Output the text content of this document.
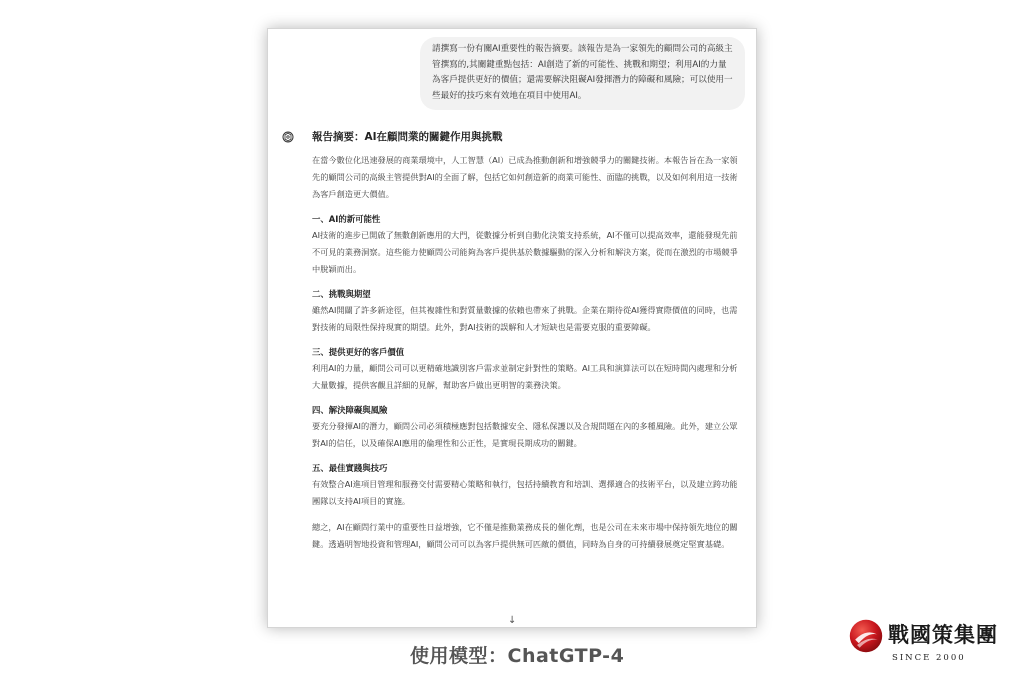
請撰寫一份有關AI重要性的報告摘要。該報告是為一家領先的顧問公司的高級主管撰寫的,其關鍵重點包括：AI創造了新的可能性、挑戰和期望；利用AI的力量為客戶提供更好的價值；還需要解決阻礙AI發揮潛力的障礙和風險；可以使用一些最好的技巧來有效地在項目中使用AI。
報告摘要：AI在顧問業的關鍵作用與挑戰
在當今數位化迅速發展的商業環境中，人工智慧（AI）已成為推動創新和增強競爭力的關鍵技術。本報告旨在為一家領先的顧問公司的高級主管提供對AI的全面了解，包括它如何創造新的商業可能性、面臨的挑戰，以及如何利用這一技術為客戶創造更大價值。
一、AI的新可能性
AI技術的進步已開啟了無數創新應用的大門，從數據分析到自動化決策支持系統，AI不僅可以提高效率，還能發現先前不可見的業務洞察。這些能力使顧問公司能夠為客戶提供基於數據驅動的深入分析和解決方案，從而在激烈的市場競爭中脫穎而出。
二、挑戰與期望
雖然AI開闢了許多新途徑，但其複雜性和對質量數據的依賴也帶來了挑戰。企業在期待從AI獲得實際價值的同時，也需對技術的局限性保持現實的期望。此外，對AI技術的誤解和人才短缺也是需要克服的重要障礙。
三、提供更好的客戶價值
利用AI的力量，顧問公司可以更精確地識別客戶需求並制定針對性的策略。AI工具和演算法可以在短時間內處理和分析大量數據，提供客觀且詳細的見解，幫助客戶做出更明智的業務決策。
四、解決障礙與風險
要充分發揮AI的潛力，顧問公司必須積極應對包括數據安全、隱私保護以及合規問題在內的多種風險。此外，建立公眾對AI的信任，以及確保AI應用的倫理性和公正性，是實現長期成功的關鍵。
五、最佳實踐與技巧
有效整合AI進項目管理和服務交付需要精心策略和執行，包括持續教育和培訓、選擇適合的技術平台，以及建立跨功能團隊以支持AI項目的實施。
總之，AI在顧問行業中的重要性日益增強，它不僅是推動業務成長的催化劑，也是公司在未來市場中保持領先地位的關鍵。透過明智地投資和管理AI，顧問公司可以為客戶提供無可匹敵的價值，同時為自身的可持續發展奠定堅實基礎。
↓
使用模型：ChatGTP-4
戰國策集團
SINCE 2000
